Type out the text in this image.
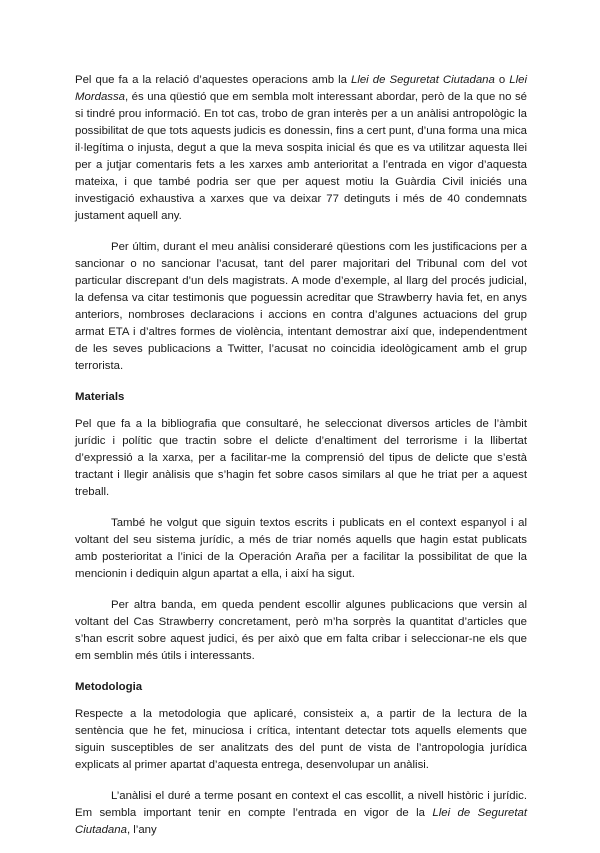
Pel que fa a la relació d’aquestes operacions amb la Llei de Seguretat Ciutadana o Llei Mordassa, és una qüestió que em sembla molt interessant abordar, però de la que no sé si tindré prou informació. En tot cas, trobo de gran interès per a un anàlisi antropològic la possibilitat de que tots aquests judicis es donessin, fins a cert punt, d’una forma una mica il·legítima o injusta, degut a que la meva sospita inicial és que es va utilitzar aquesta llei per a jutjar comentaris fets a les xarxes amb anterioritat a l’entrada en vigor d’aquesta mateixa, i que també podria ser que per aquest motiu la Guàrdia Civil iniciés una investigació exhaustiva a xarxes que va deixar 77 detinguts i més de 40 condemnats justament aquell any.

Per últim, durant el meu anàlisi consideraré qüestions com les justificacions per a sancionar o no sancionar l’acusat, tant del parer majoritari del Tribunal com del vot particular discrepant d’un dels magistrats. A mode d’exemple, al llarg del procés judicial, la defensa va citar testimonis que poguessin acreditar que Strawberry havia fet, en anys anteriors, nombroses declaracions i accions en contra d’algunes actuacions del grup armat ETA i d’altres formes de violència, intentant demostrar així que, independentment de les seves publicacions a Twitter, l’acusat no coincidia ideològicament amb el grup terrorista.

Materials

Pel que fa a la bibliografia que consultaré, he seleccionat diversos articles de l’àmbit jurídic i polític que tractin sobre el delicte d’enaltiment del terrorisme i la llibertat d’expressió a la xarxa, per a facilitar-me la comprensió del tipus de delicte que s’està tractant i llegir anàlisis que s’hagin fet sobre casos similars al que he triat per a aquest treball.

També he volgut que siguin textos escrits i publicats en el context espanyol i al voltant del seu sistema jurídic, a més de triar només aquells que hagin estat publicats amb posterioritat a l’inici de la Operación Araña per a facilitar la possibilitat de que la mencionin i dediquin algun apartat a ella, i així ha sigut.

Per altra banda, em queda pendent escollir algunes publicacions que versin al voltant del Cas Strawberry concretament, però m’ha sorprès la quantitat d’articles que s’han escrit sobre aquest judici, és per això que em falta cribar i seleccionar-ne els que em semblin més útils i interessants.

Metodologia

Respecte a la metodologia que aplicaré, consisteix a, a partir de la lectura de la sentència que he fet, minuciosa i crítica, intentant detectar tots aquells elements que siguin susceptibles de ser analitzats des del punt de vista de l’antropologia jurídica explicats al primer apartat d’aquesta entrega, desenvolupar un anàlisi.

L’anàlisi el duré a terme posant en context el cas escollit, a nivell històric i jurídic. Em sembla important tenir en compte l’entrada en vigor de la Llei de Seguretat Ciutadana, l’any
